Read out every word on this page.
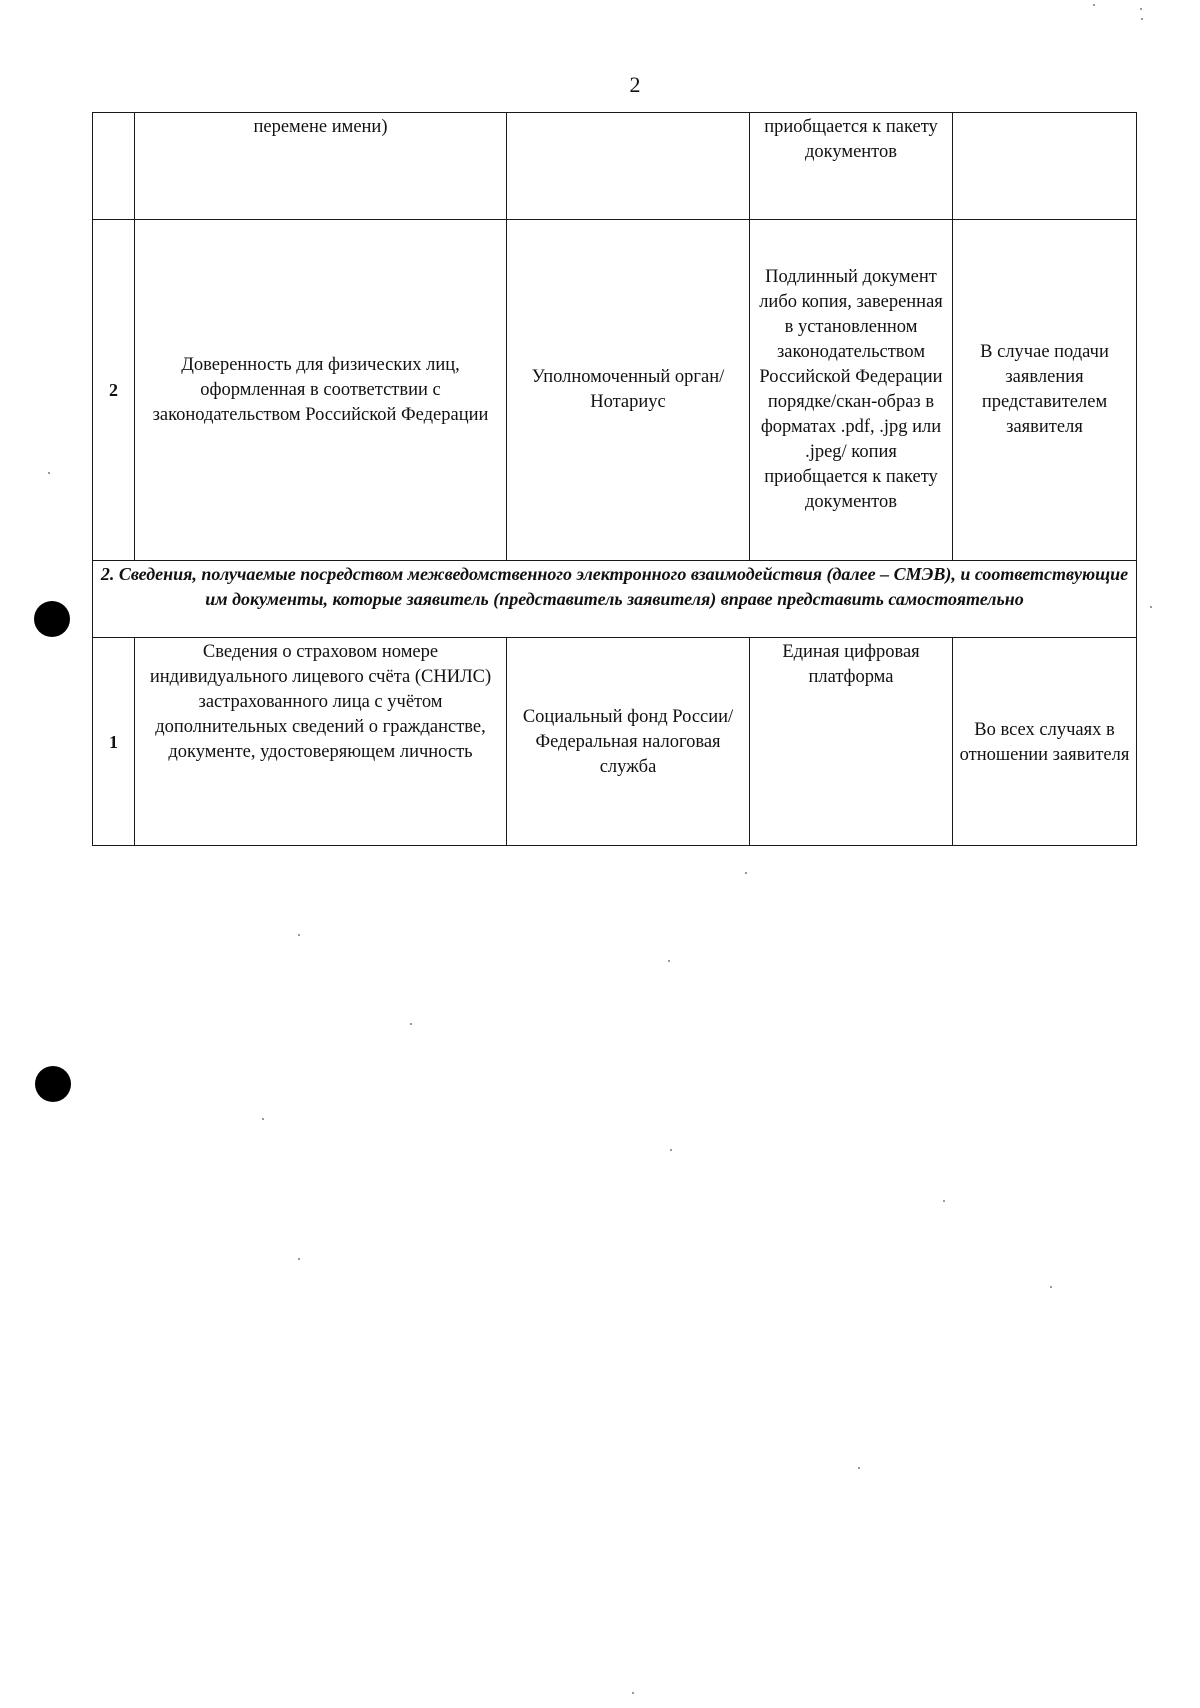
2
	перемене имени)		приобщается к пакету документов	
2	Доверенность для физических лиц, оформленная в соответствии с законодательством Российской Федерации	Уполномоченный орган/Нотариус	Подлинный документ либо копия, заверенная в установленном законодательством Российской Федерации порядке/скан-образ в форматах .pdf, .jpg или .jpeg/ копия приобщается к пакету документов	В случае подачи заявления представителем заявителя
2. Сведения, получаемые посредством межведомственного электронного взаимодействия (далее – СМЭВ), и соответствующие им документы, которые заявитель (представитель заявителя) вправе представить самостоятельно				
1	Сведения о страховом номере индивидуального лицевого счёта (СНИЛС) застрахованного лица с учётом дополнительных сведений о гражданстве, документе, удостоверяющем личность	Социальный фонд России/Федеральная налоговая служба	Единая цифровая платформа	Во всех случаях в отношении заявителя
